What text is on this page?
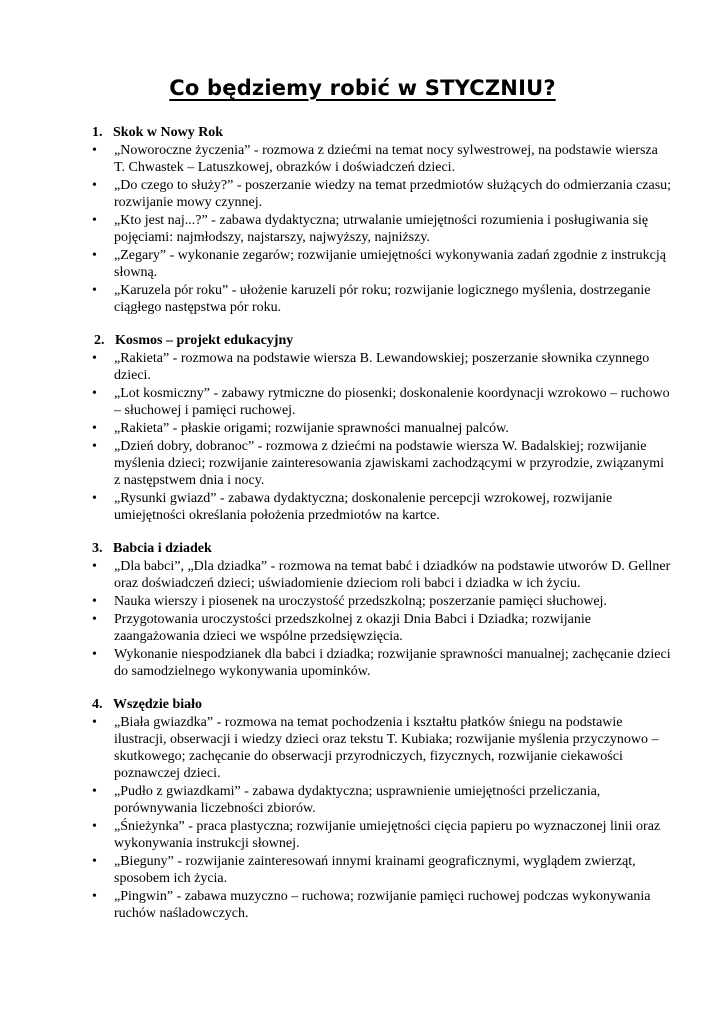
Co będziemy robić w STYCZNIU?
1. Skok w Nowy Rok
• „Noworoczne życzenia” - rozmowa z dziećmi na temat nocy sylwestrowej, na podstawie wiersza T. Chwastek – Latuszkowej, obrazków i doświadczeń dzieci.
• „Do czego to służy?” - poszerzanie wiedzy na temat przedmiotów służących do odmierzania czasu; rozwijanie mowy czynnej.
• „Kto jest naj...?” - zabawa dydaktyczna; utrwalanie umiejętności rozumienia i posługiwania się pojęciami: najmłodszy, najstarszy, najwyższy, najniższy.
• „Zegary” - wykonanie zegarów; rozwijanie umiejętności wykonywania zadań zgodnie z instrukcją słowną.
• „Karuzela pór roku” - ułożenie karuzeli pór roku; rozwijanie logicznego myślenia, dostrzeganie ciągłego następstwa pór roku.
2. Kosmos – projekt edukacyjny
• „Rakieta” - rozmowa na podstawie wiersza B. Lewandowskiej; poszerzanie słownika czynnego dzieci.
• „Lot kosmiczny” - zabawy rytmiczne do piosenki; doskonalenie koordynacji wzrokowo – ruchowo – słuchowej i pamięci ruchowej.
• „Rakieta” - płaskie origami; rozwijanie sprawności manualnej palców.
• „Dzień dobry, dobranoc” - rozmowa z dziećmi na podstawie wiersza W. Badalskiej; rozwijanie myślenia dzieci; rozwijanie zainteresowania zjawiskami zachodzącymi w przyrodzie, związanymi z następstwem dnia i nocy.
• „Rysunki gwiazd” - zabawa dydaktyczna; doskonalenie percepcji wzrokowej, rozwijanie umiejętności określania położenia przedmiotów na kartce.
3. Babcia i dziadek
• „Dla babci”, „Dla dziadka” - rozmowa na temat babć i dziadków na podstawie utworów D. Gellner oraz doświadczeń dzieci; uświadomienie dzieciom roli babci i dziadka w ich życiu.
• Nauka wierszy i piosenek na uroczystość przedszkolną; poszerzanie pamięci słuchowej.
• Przygotowania uroczystości przedszkolnej z okazji Dnia Babci i Dziadka; rozwijanie zaangażowania dzieci we wspólne przedsięwzięcia.
• Wykonanie niespodzianek dla babci i dziadka; rozwijanie sprawności manualnej; zachęcanie dzieci do samodzielnego wykonywania upominków.
4. Wszędzie biało
• „Biała gwiazdka” - rozmowa na temat pochodzenia i kształtu płatków śniegu na podstawie ilustracji, obserwacji i wiedzy dzieci oraz tekstu T. Kubiaka; rozwijanie myślenia przyczynowo – skutkowego; zachęcanie do obserwacji przyrodniczych, fizycznych, rozwijanie ciekawości poznawczej dzieci.
• „Pudło z gwiazdkami” - zabawa dydaktyczna; usprawnienie umiejętności przeliczania, porównywania liczebności zbiorów.
• „Śnieżynka” - praca plastyczna; rozwijanie umiejętności cięcia papieru po wyznaczonej linii oraz wykonywania instrukcji słownej.
• „Bieguny” - rozwijanie zainteresowań innymi krainami geograficznymi, wyglądem zwierząt, sposobem ich życia.
• „Pingwin” - zabawa muzyczno – ruchowa; rozwijanie pamięci ruchowej podczas wykonywania ruchów naśladowczych.
